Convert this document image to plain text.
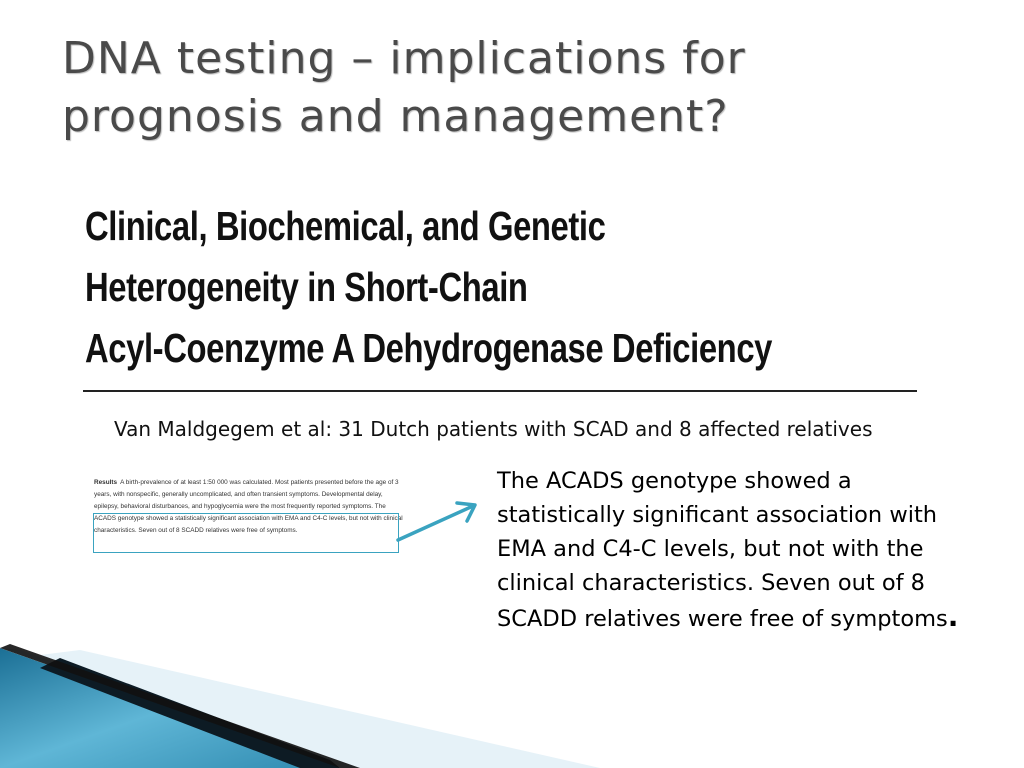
DNA testing – implications for
prognosis and management?
Clinical, Biochemical, and Genetic
Heterogeneity in Short-Chain
Acyl-Coenzyme A Dehydrogenase Deficiency
Van Maldgegem et al: 31 Dutch patients with SCAD and 8 affected relatives
Results A birth-prevalence of at least 1:50 000 was calculated. Most patients presented before the age of 3 years, with nonspecific, generally uncomplicated, and often transient symptoms. Developmental delay, epilepsy, behavioral disturbances, and hypoglycemia were the most frequently reported symptoms. The ACADS genotype showed a statistically significant association with EMA and C4-C levels, but not with clinical characteristics. Seven out of 8 SCADD relatives were free of symptoms.
The ACADS genotype showed a statistically significant association with EMA and C4-C levels, but not with the clinical characteristics. Seven out of 8 SCADD relatives were free of symptoms.
